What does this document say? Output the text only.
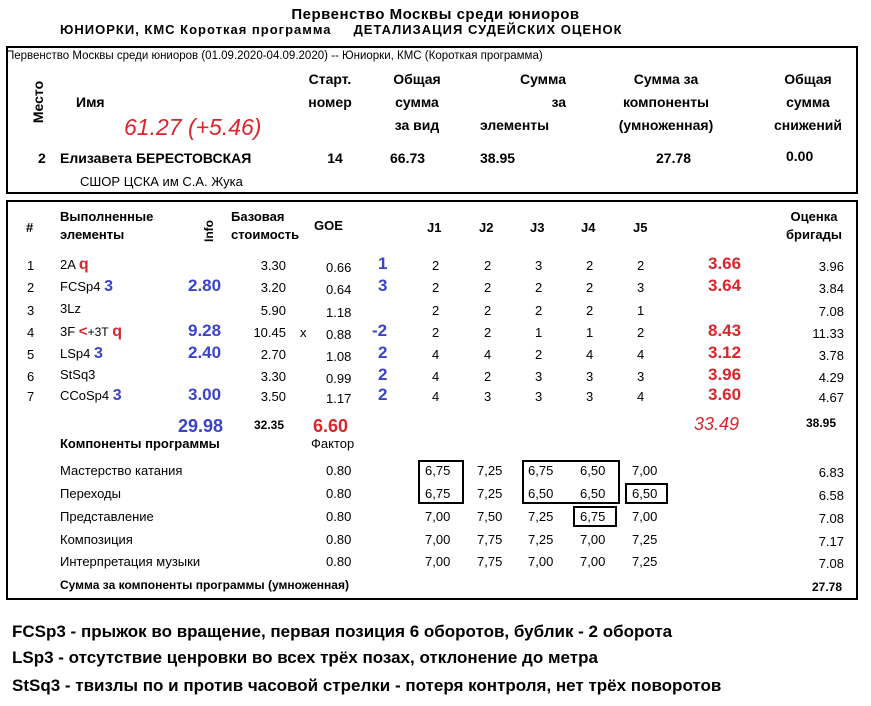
Первенство Москвы среди юниоров
ЮНИОРКИ, КМС Короткая программа ДЕТАЛИЗАЦИЯ СУДЕЙСКИХ ОЦЕНОК
Первенство Москвы среди юниоров (01.09.2020-04.09.2020) -- Юниорки, КМС (Короткая программа)
Место Имя
Старт.
номер
Общая
сумма
за вид
Сумма
за
элементы
Сумма за
компоненты
(умноженная)
Общая
сумма
снижений
61.27 (+5.46)
2 Елизавета БЕРЕСТОВСКАЯ
СШОР ЦСКА им С.А. Жука
14	66.73	38.95	27.78	0.00
#
Выполненные
элементы	Info
Базовая
стоимость
GOE	J1	J2	J3	J4	J5
Оценка
бригады
1 2A q	3.30	0.66 1	2	2	3	2	2	3.66	3.96
2 FCSp4 3	2.80	3.20	0.64 3	2	2	2	2	3	3.64	3.84
3 3Lz	5.90	1.18	2	2	2	2	1	7.08
4 3F <+3T q	9.28	10.45 x 0.88 -2	2	2	1	1	2	8.43	11.33
5 LSp4 3	2.40	2.70	1.08 2	4	4	2	4	4	3.12	3.78
6 StSq3	3.30	0.99 2	4	2	3	3	3	3.96	4.29
7 CCoSp4 3	3.00	3.50	1.17 2	4	3	3	3	4	3.60	4.67
29.98	32.35 6.60	33.49	38.95
Компоненты программы	Фактор
Мастерство катания	0.80	6,75 7,25 6,75 6,50 7,00	6.83
Переходы	0.80	6,75 7,25 6,50 6,50 6,50	6.58
Представление	0.80	7,00 7,50 7,25 6,75 7,00	7.08
Композиция	0.80	7,00 7,75 7,25 7,00 7,25	7.17
Интерпретация музыки	0.80	7,00 7,75 7,00 7,00 7,25	7.08
Сумма за компоненты программы (умноженная)	27.78
FCSp3 - прыжок во вращение, первая позиция 6 оборотов, бублик - 2 оборота
LSp3 - отсутствие ценровки во всех трёх позах, отклонение до метра
StSq3 - твизлы по и против часовой стрелки - потеря контроля, нет трёх поворотов
